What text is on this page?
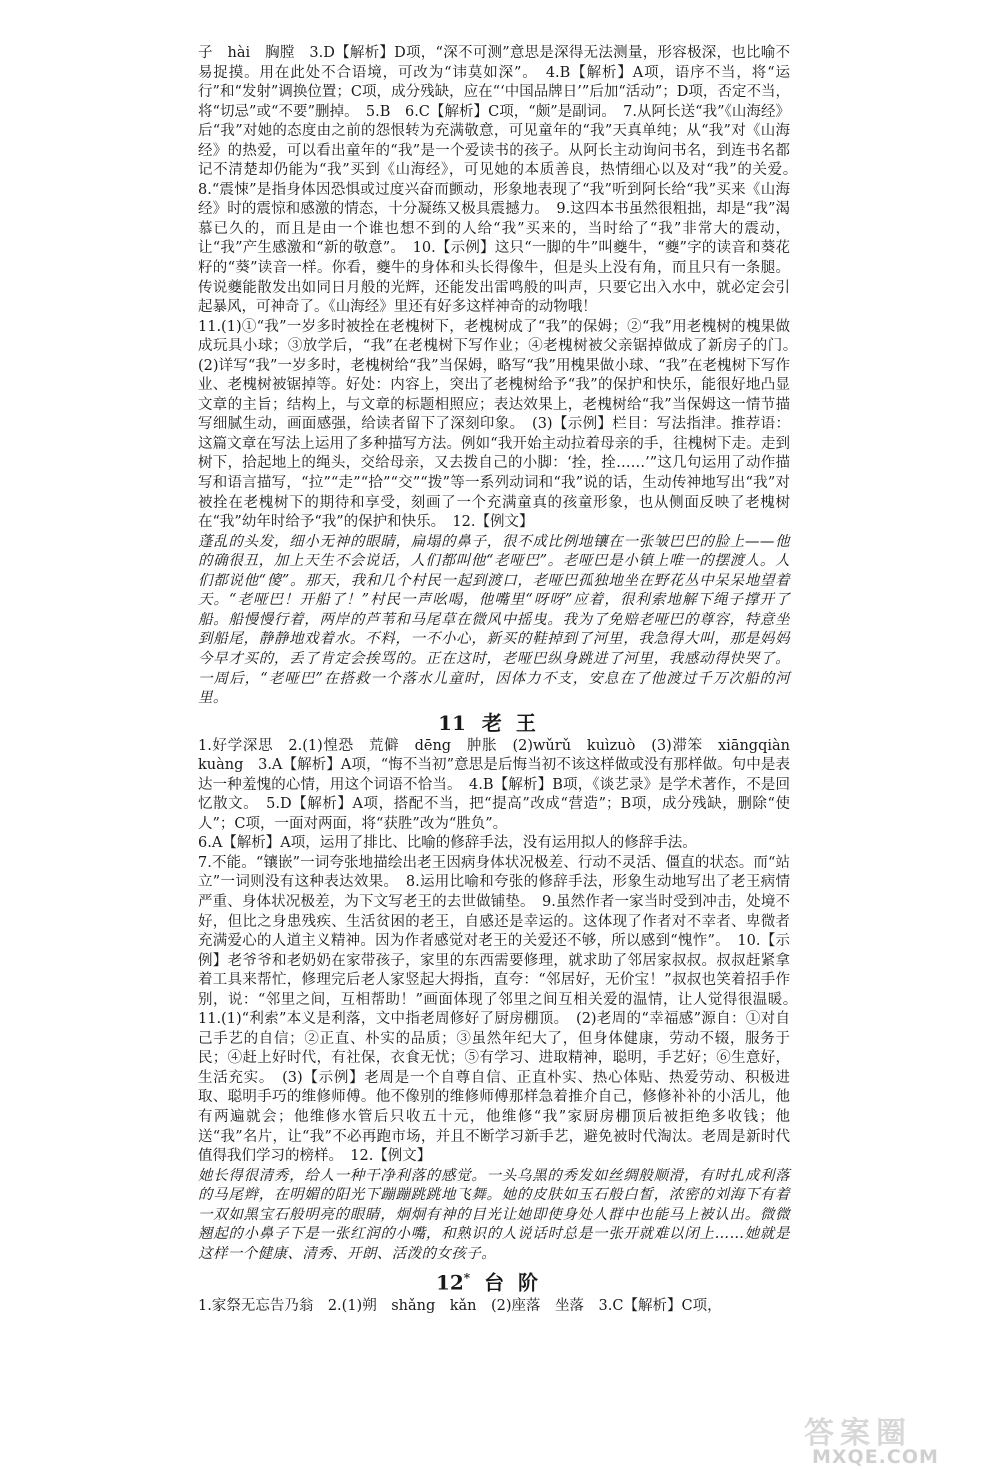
子　hài　胸膛　3.D【解析】D项，“深不可测”意思是深得无法测量，形容极深，也比喻不易捉摸。用在此处不合语境，可改为“讳莫如深”。　4.B【解析】A项，语序不当，将“运行”和“发射”调换位置；C项，成分残缺，应在“‘中国品牌日’”后加“活动”；D项，否定不当，将“切忌”或“不要”删掉。　5.B　6.C【解析】C项，“颇”是副词。　7.从阿长送“我”《山海经》后“我”对她的态度由之前的怨恨转为充满敬意，可见童年的“我”天真单纯；从“我”对《山海经》的热爱，可以看出童年的“我”是一个爱读书的孩子。从阿长主动询问书名，到连书名都记不清楚却仍能为“我”买到《山海经》，可见她的本质善良，热情细心以及对“我”的关爱。　8.“震悚”是指身体因恐惧或过度兴奋而颤动，形象地表现了“我”听到阿长给“我”买来《山海经》时的震惊和感激的情态，十分凝练又极具震撼力。　9.这四本书虽然很粗拙，却是“我”渴慕已久的，而且是由一个谁也想不到的人给“我”买来的，当时给了“我”非常大的震动，让“我”产生感激和“新的敬意”。　10.【示例】这只“一脚的牛”叫夔牛，“夔”字的读音和葵花籽的“葵”读音一样。你看，夔牛的身体和头长得像牛，但是头上没有角，而且只有一条腿。传说夔能散发出如同日月般的光辉，还能发出雷鸣般的叫声，只要它出入水中，就必定会引起暴风，可神奇了。《山海经》里还有好多这样神奇的动物哦！

11.(1)①“我”一岁多时被拴在老槐树下，老槐树成了“我”的保姆；②“我”用老槐树的槐果做成玩具小球；③放学后，“我”在老槐树下写作业；④老槐树被父亲锯掉做成了新房子的门。　(2)详写“我”一岁多时，老槐树给“我”当保姆，略写“我”用槐果做小球、“我”在老槐树下写作业、老槐树被锯掉等。好处：内容上，突出了老槐树给予“我”的保护和快乐，能很好地凸显文章的主旨；结构上，与文章的标题相照应；表达效果上，老槐树给“我”当保姆这一情节描写细腻生动，画面感强，给读者留下了深刻印象。　(3)【示例】栏目：写法指津。推荐语：这篇文章在写法上运用了多种描写方法。例如“我开始主动拉着母亲的手，往槐树下走。走到树下，拾起地上的绳头，交给母亲，又去拨自己的小脚：‘拴，拴……’”这几句运用了动作描写和语言描写，“拉”“走”“拾”“交”“拨”等一系列动词和“我”说的话，生动传神地写出“我”对被拴在老槐树下的期待和享受，刻画了一个充满童真的孩童形象，也从侧面反映了老槐树在“我”幼年时给予“我”的保护和快乐。　12.【例文】

蓬乱的头发，细小无神的眼睛，扁塌的鼻子，很不成比例地镶在一张皱巴巴的脸上——他的确很丑，加上天生不会说话，人们都叫他“老哑巴”。老哑巴是小镇上唯一的摆渡人。人们都说他“傻”。那天，我和几个村民一起到渡口，老哑巴孤独地坐在野花丛中呆呆地望着天。“老哑巴！开船了！”村民一声吆喝，他嘴里“呀呀”应着，很利索地解下绳子撑开了船。船慢慢行着，两岸的芦苇和马尾草在微风中摇曳。我为了免赔老哑巴的尊容，特意坐到船尾，静静地戏着水。不料，一不小心，新买的鞋掉到了河里，我急得大叫，那是妈妈今早才买的，丢了肯定会挨骂的。正在这时，老哑巴纵身跳进了河里，我感动得快哭了。一周后，“老哑巴”在搭救一个落水儿童时，因体力不支，安息在了他渡过千万次船的河里。

11 老王

1.好学深思　2.(1)惶恐　荒僻　dēng　肿胀　(2)wǔrǔ　kuìzuò　(3)滞笨　xiāngqiàn　kuàng　3.A【解析】A项，“悔不当初”意思是后悔当初不该这样做或没有那样做。句中是表达一种羞愧的心情，用这个词语不恰当。　4.B【解析】B项，《谈艺录》是学术著作，不是回忆散文。　5.D【解析】A项，搭配不当，把“提高”改成“营造”；B项，成分残缺，删除“使人”；C项，一面对两面，将“获胜”改为“胜负”。

6.A【解析】A项，运用了排比、比喻的修辞手法，没有运用拟人的修辞手法。

7.不能。“镶嵌”一词夸张地描绘出老王因病身体状况极差、行动不灵活、僵直的状态。而“站立”一词则没有这种表达效果。　8.运用比喻和夸张的修辞手法，形象生动地写出了老王病情严重、身体状况极差，为下文写老王的去世做铺垫。　9.虽然作者一家当时受到冲击，处境不好，但比之身患残疾、生活贫困的老王，自感还是幸运的。这体现了作者对不幸者、卑微者充满爱心的人道主义精神。因为作者感觉对老王的关爱还不够，所以感到“愧怍”。　10.【示例】老爷爷和老奶奶在家带孩子，家里的东西需要修理，就求助了邻居家叔叔。叔叔赶紧拿着工具来帮忙，修理完后老人家竖起大拇指，直夸：“邻居好，无价宝！”叔叔也笑着招手作别，说：“邻里之间，互相帮助！”画面体现了邻里之间互相关爱的温情，让人觉得很温暖。　11.(1)“利索”本义是利落，文中指老周修好了厨房棚顶。　(2)老周的“幸福感”源自：①对自己手艺的自信；②正直、朴实的品质；③虽然年纪大了，但身体健康，劳动不辍，服务于民；④赶上好时代，有社保，衣食无忧；⑤有学习、进取精神，聪明，手艺好；⑥生意好，生活充实。　(3)【示例】老周是一个自尊自信、正直朴实、热心体贴、热爱劳动、积极进取、聪明手巧的维修师傅。他不像别的维修师傅那样急着推介自己，修修补补的小活儿，他有两遍就会；他维修水管后只收五十元，他维修“我”家厨房棚顶后被拒绝多收钱；他送“我”名片，让“我”不必再跑市场，并且不断学习新手艺，避免被时代淘汰。老周是新时代值得我们学习的榜样。　12.【例文】

她长得很清秀，给人一种干净利落的感觉。一头乌黑的秀发如丝绸般顺滑，有时扎成利落的马尾辫，在明媚的阳光下蹦蹦跳跳地飞舞。她的皮肤如玉石般白皙，浓密的刘海下有着一双如黑宝石般明亮的眼睛，炯炯有神的目光让她即使身处人群中也能马上被认出。微微翘起的小鼻子下是一张红润的小嘴，和熟识的人说话时总是一张开就难以闭上……她就是这样一个健康、清秀、开朗、活泼的女孩子。

12* 台阶

1.家祭无忘告乃翁　2.(1)朔　shǎng　kǎn　(2)座落　坐落　3.C【解析】C项，

答案圈
MXQE.COM
